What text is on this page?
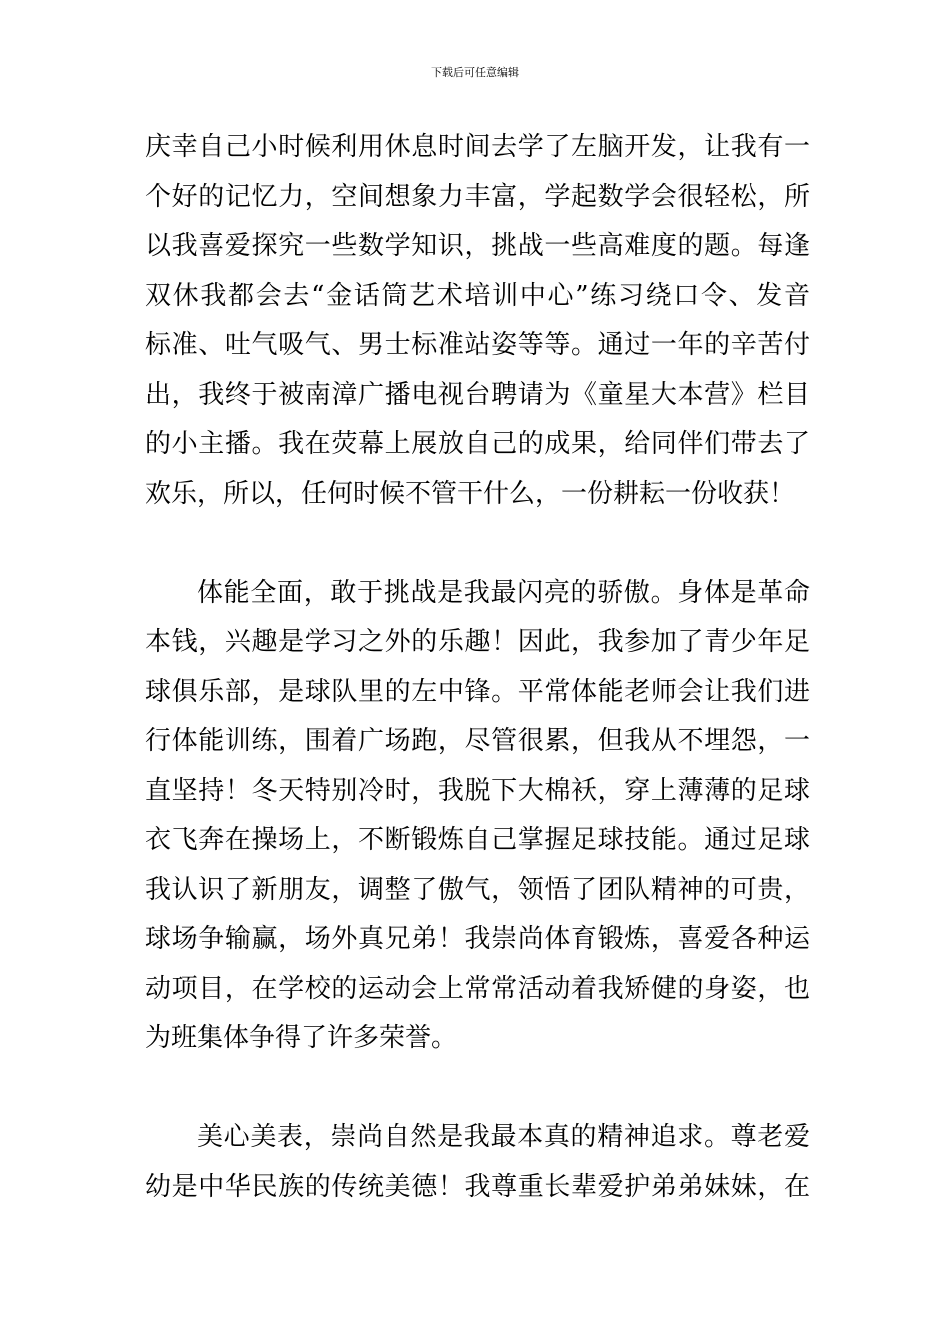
下载后可任意编辑
庆幸自己小时候利用休息时间去学了左脑开发，让我有一
个好的记忆力，空间想象力丰富，学起数学会很轻松，所
以我喜爱探究一些数学知识，挑战一些高难度的题。每逢
双休我都会去“金话筒艺术培训中心”练习绕口令、发音
标准、吐气吸气、男士标准站姿等等。通过一年的辛苦付
出，我终于被南漳广播电视台聘请为《童星大本营》栏目
的小主播。我在荧幕上展放自己的成果，给同伴们带去了
欢乐，所以，任何时候不管干什么，一份耕耘一份收获！
体能全面，敢于挑战是我最闪亮的骄傲。身体是革命
本钱，兴趣是学习之外的乐趣！因此，我参加了青少年足
球俱乐部，是球队里的左中锋。平常体能老师会让我们进
行体能训练，围着广场跑，尽管很累，但我从不埋怨，一
直坚持！冬天特别冷时，我脱下大棉袄，穿上薄薄的足球
衣飞奔在操场上，不断锻炼自己掌握足球技能。通过足球
我认识了新朋友，调整了傲气，领悟了团队精神的可贵，
球场争输赢，场外真兄弟！我崇尚体育锻炼，喜爱各种运
动项目，在学校的运动会上常常活动着我矫健的身姿，也
为班集体争得了许多荣誉。
美心美表，崇尚自然是我最本真的精神追求。尊老爱
幼是中华民族的传统美德！我尊重长辈爱护弟弟妹妹，在
